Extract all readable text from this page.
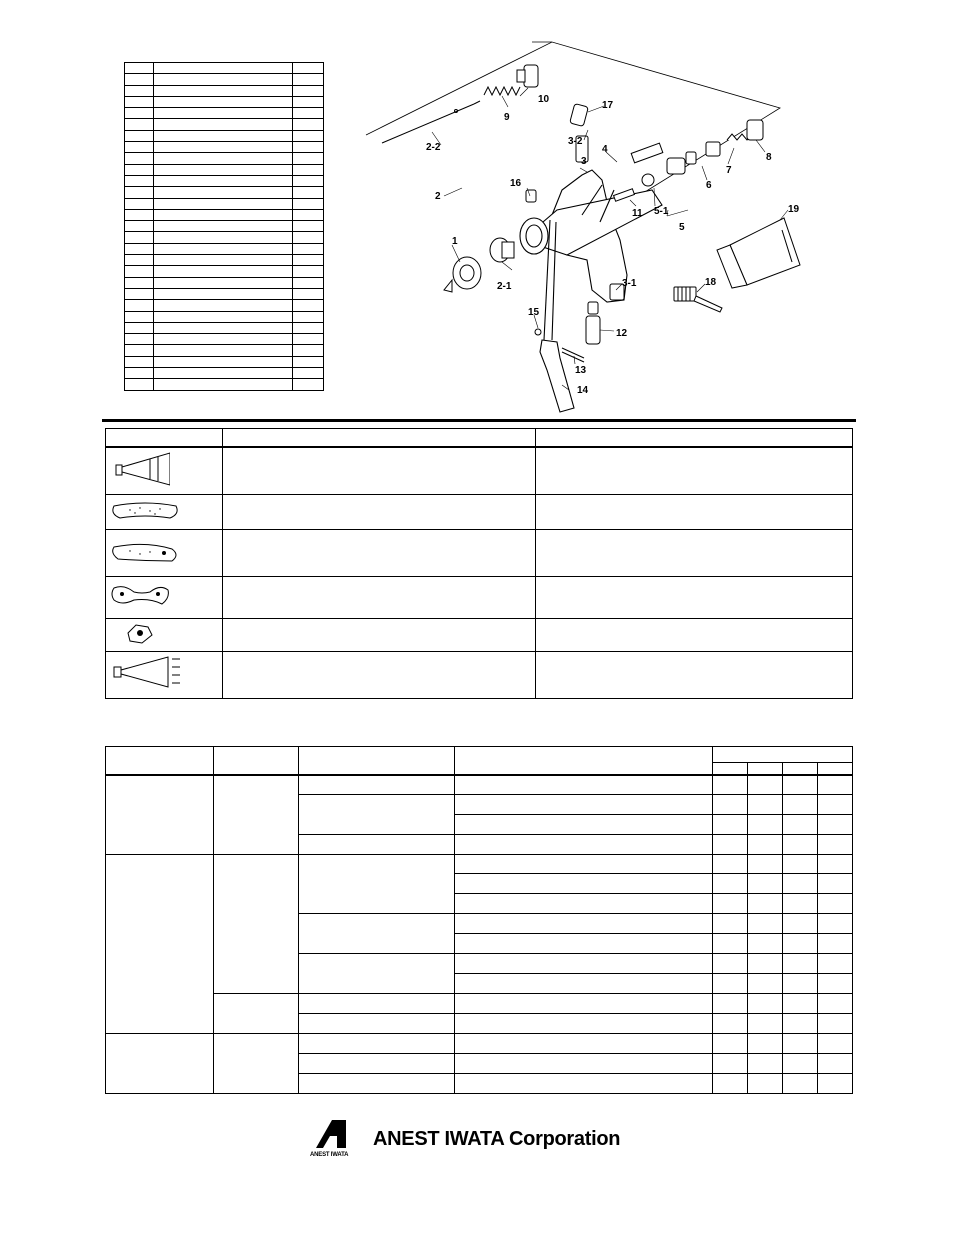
1
2
2-1
2-2
3
3-1
3-2
4
5
5-1
6
7
8
9
10
11
12
13
14
15
16
17
18
19

ANEST IWATA Corporation
ANEST IWATA
